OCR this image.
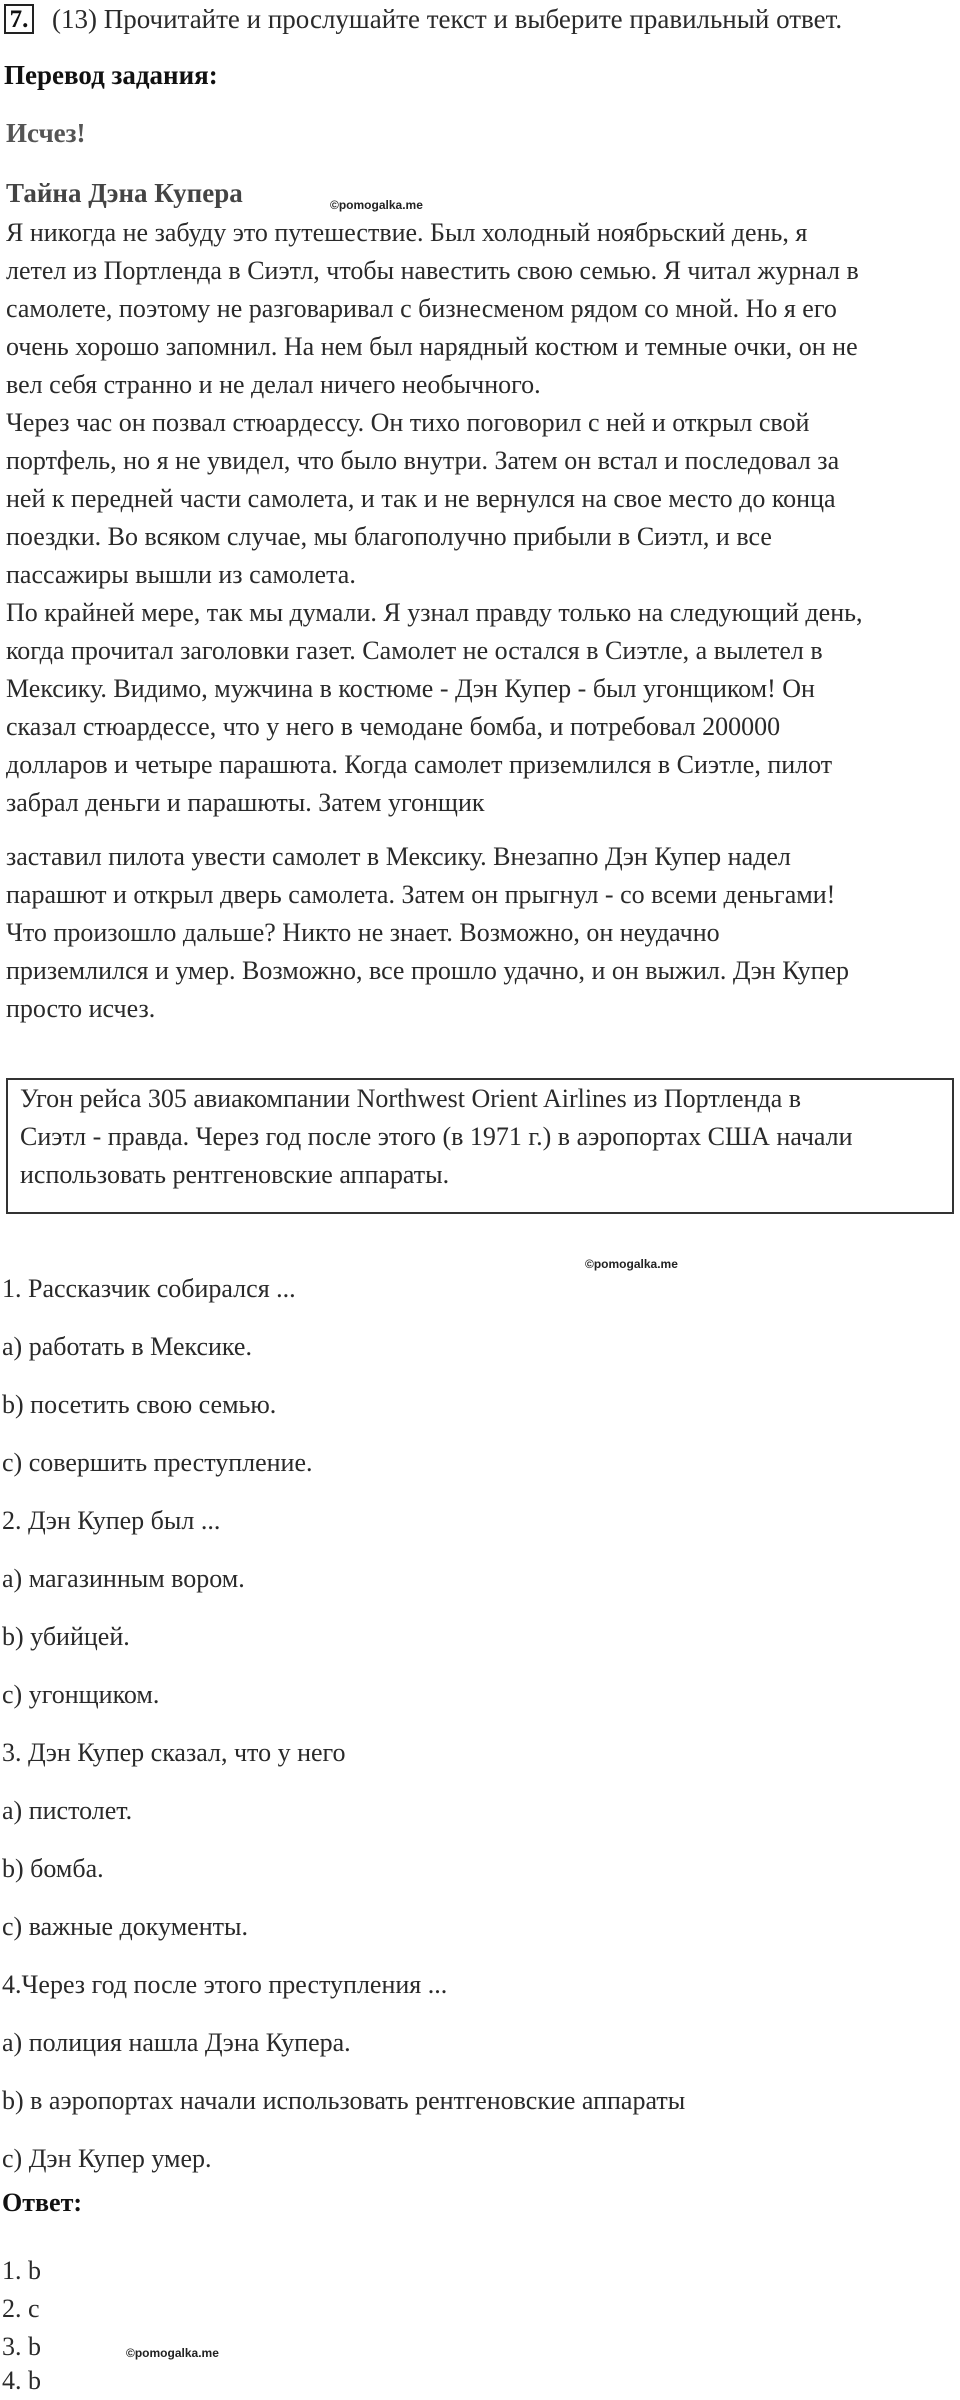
7. (13) Прочитайте и прослушайте текст и выберите правильный ответ.
Перевод задания:
Исчез!
Тайна Дэна Купера	©pomogalka.me
Я никогда не забуду это путешествие. Был холодный ноябрьский день, я
летел из Портленда в Сиэтл, чтобы навестить свою семью. Я читал журнал в
самолете, поэтому не разговаривал с бизнесменом рядом со мной. Но я его
очень хорошо запомнил. На нем был нарядный костюм и темные очки, он не
вел себя странно и не делал ничего необычного.
Через час он позвал стюардессу. Он тихо поговорил с ней и открыл свой
портфель, но я не увидел, что было внутри. Затем он встал и последовал за
ней к передней части самолета, и так и не вернулся на свое место до конца
поездки. Во всяком случае, мы благополучно прибыли в Сиэтл, и все
пассажиры вышли из самолета.
По крайней мере, так мы думали. Я узнал правду только на следующий день,
когда прочитал заголовки газет. Самолет не остался в Сиэтле, а вылетел в
Мексику. Видимо, мужчина в костюме - Дэн Купер - был угонщиком! Он
сказал стюардессе, что у него в чемодане бомба, и потребовал 200000
долларов и четыре парашюта. Когда самолет приземлился в Сиэтле, пилот
забрал деньги и парашюты. Затем угонщик
заставил пилота увести самолет в Мексику. Внезапно Дэн Купер надел
парашют и открыл дверь самолета. Затем он прыгнул - со всеми деньгами!
Что произошло дальше? Никто не знает. Возможно, он неудачно
приземлился и умер. Возможно, все прошло удачно, и он выжил. Дэн Купер
просто исчез.
Угон рейса 305 авиакомпании Northwest Orient Airlines из Портленда в
Сиэтл - правда. Через год после этого (в 1971 г.) в аэропортах США начали
использовать рентгеновские аппараты.
©pomogalka.me
1. Рассказчик собирался ...
a) работать в Мексике.
b) посетить свою семью.
c) совершить преступление.
2. Дэн Купер был ...
a) магазинным вором.
b) убийцей.
c) угонщиком.
3. Дэн Купер сказал, что у него
a) пистолет.
b) бомба.
c) важные документы.
4.Через год после этого преступления ...
a) полиция нашла Дэна Купера.
b) в аэропортах начали использовать рентгеновские аппараты
c) Дэн Купер умер.
Ответ:
1. b
2. c
3. b
4. b
©pomogalka.me
